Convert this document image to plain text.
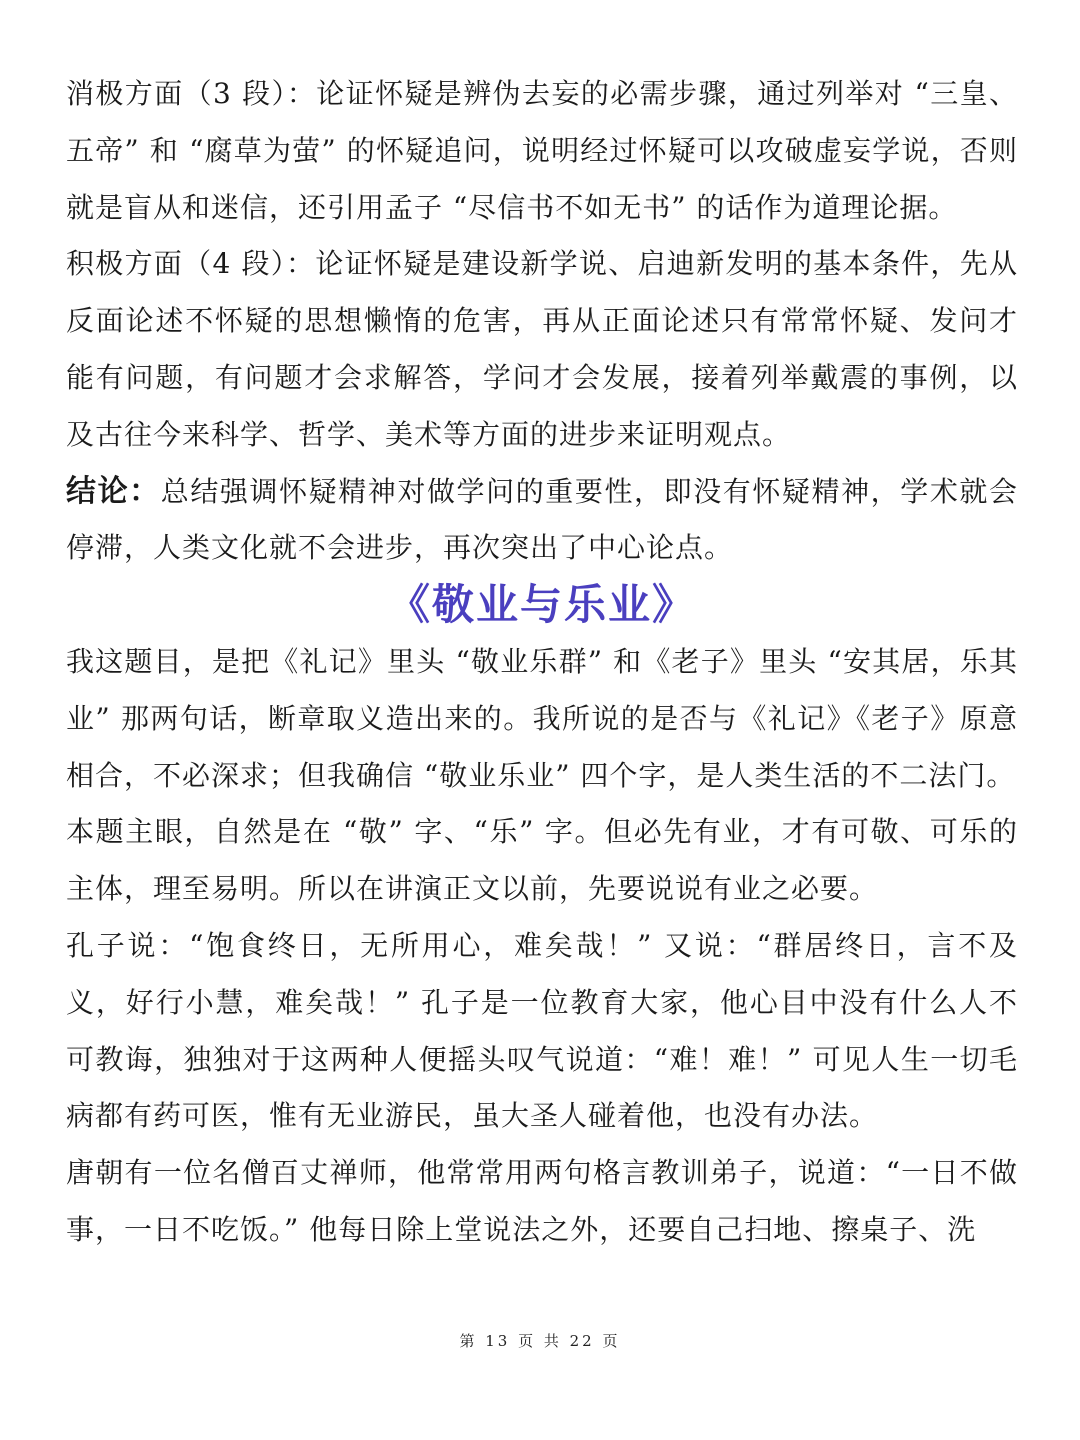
消极方面（3 段）：论证怀疑是辨伪去妄的必需步骤，通过列举对 “三皇、五帝” 和 “腐草为萤” 的怀疑追问，说明经过怀疑可以攻破虚妄学说，否则就是盲从和迷信，还引用孟子 “尽信书不如无书” 的话作为道理论据。

积极方面（4 段）：论证怀疑是建设新学说、启迪新发明的基本条件，先从反面论述不怀疑的思想懒惰的危害，再从正面论述只有常常怀疑、发问才能有问题，有问题才会求解答，学问才会发展，接着列举戴震的事例，以及古往今来科学、哲学、美术等方面的进步来证明观点。

结论：总结强调怀疑精神对做学问的重要性，即没有怀疑精神，学术就会停滞，人类文化就不会进步，再次突出了中心论点。

《敬业与乐业》

我这题目，是把《礼记》里头 “敬业乐群” 和《老子》里头 “安其居，乐其业” 那两句话，断章取义造出来的。我所说的是否与《礼记》《老子》原意相合，不必深求；但我确信 “敬业乐业” 四个字，是人类生活的不二法门。

本题主眼，自然是在 “敬” 字、“乐” 字。但必先有业，才有可敬、可乐的主体，理至易明。所以在讲演正文以前，先要说说有业之必要。

孔子说：“饱食终日，无所用心，难矣哉！” 又说：“群居终日，言不及义，好行小慧，难矣哉！” 孔子是一位教育大家，他心目中没有什么人不可教诲，独独对于这两种人便摇头叹气说道：“难！难！” 可见人生一切毛病都有药可医，惟有无业游民，虽大圣人碰着他，也没有办法。

唐朝有一位名僧百丈禅师，他常常用两句格言教训弟子，说道：“一日不做事，一日不吃饭。” 他每日除上堂说法之外，还要自己扫地、擦桌子、洗

第 13 页 共 22 页
